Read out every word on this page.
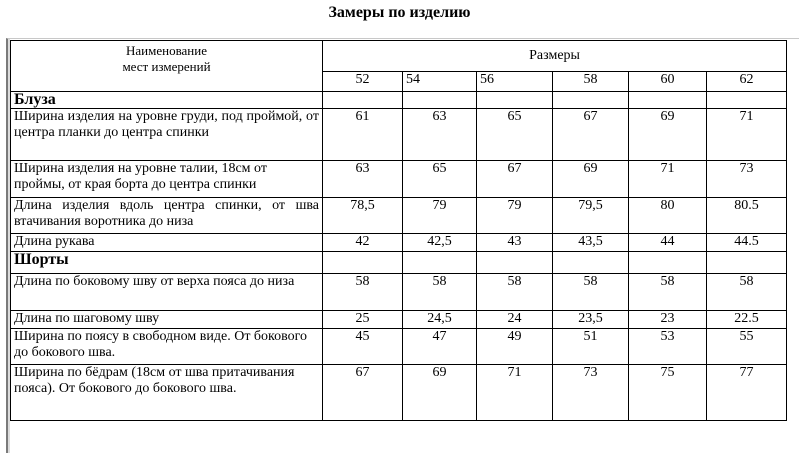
Замеры по изделию
Наименование
мест измерений	Размеры					
	52	54	56	58	60	62
Блуза						
Ширина изделия на уровне груди, под проймой, от центра планки до центра спинки	61	63	65	67	69	71
Ширина изделия на уровне талии, 18см от проймы, от края борта до центра спинки	63	65	67	69	71	73
Длина изделия вдоль центра спинки, от шва втачивания воротника до низа	78,5	79	79	79,5	80	80.5
Длина рукава	42	42,5	43	43,5	44	44.5
Шорты						
Длина по боковому шву от верха пояса до низа	58	58	58	58	58	58
Длина по шаговому шву	25	24,5	24	23,5	23	22.5
Ширина по поясу в свободном виде. От бокового до бокового шва.	45	47	49	51	53	55
Ширина по бёдрам (18см от шва притачивания пояса). От бокового до бокового шва.	67	69	71	73	75	77
